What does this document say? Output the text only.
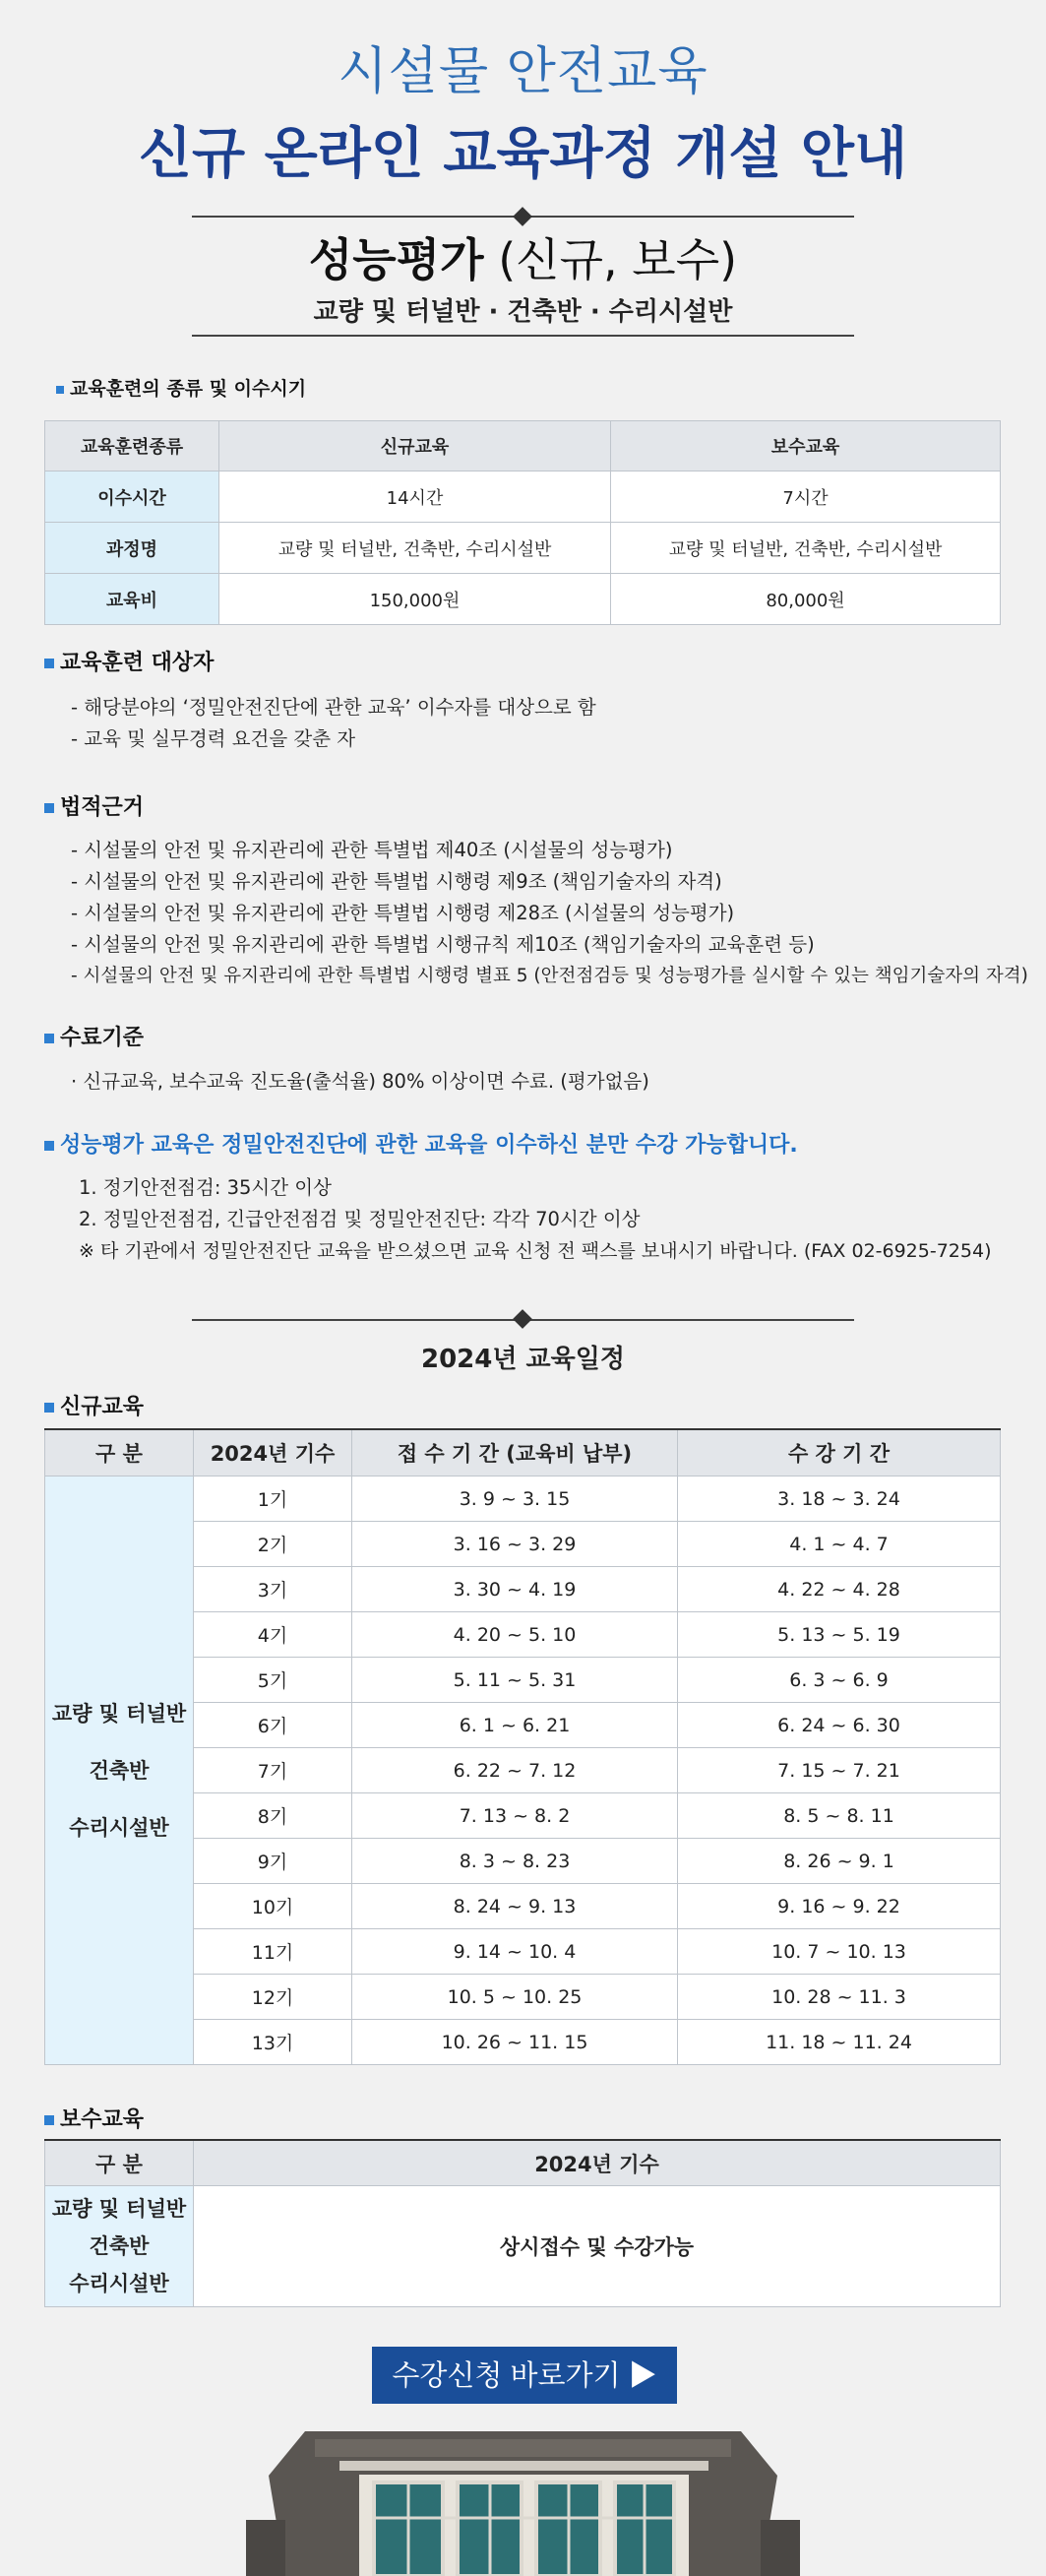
시설물 안전교육
신규 온라인 교육과정 개설 안내
성능평가 (신규, 보수)
교량 및 터널반 · 건축반 · 수리시설반
교육훈련의 종류 및 이수시기
교육훈련종류	신규교육	보수교육
이수시간	14시간	7시간
과정명	교량 및 터널반, 건축반, 수리시설반	교량 및 터널반, 건축반, 수리시설반
교육비	150,000원	80,000원
교육훈련 대상자
- 해당분야의 ‘정밀안전진단에 관한 교육’ 이수자를 대상으로 함
- 교육 및 실무경력 요건을 갖춘 자
법적근거
- 시설물의 안전 및 유지관리에 관한 특별법 제40조 (시설물의 성능평가)
- 시설물의 안전 및 유지관리에 관한 특별법 시행령 제9조 (책임기술자의 자격)
- 시설물의 안전 및 유지관리에 관한 특별법 시행령 제28조 (시설물의 성능평가)
- 시설물의 안전 및 유지관리에 관한 특별법 시행규칙 제10조 (책임기술자의 교육훈련 등)
- 시설물의 안전 및 유지관리에 관한 특별법 시행령 별표 5 (안전점검등 및 성능평가를 실시할 수 있는 책임기술자의 자격)
수료기준
· 신규교육, 보수교육 진도율(출석율) 80% 이상이면 수료. (평가없음)
성능평가 교육은 정밀안전진단에 관한 교육을 이수하신 분만 수강 가능합니다.
1. 정기안전점검: 35시간 이상
2. 정밀안전점검, 긴급안전점검 및 정밀안전진단: 각각 70시간 이상
※ 타 기관에서 정밀안전진단 교육을 받으셨으면 교육 신청 전 팩스를 보내시기 바랍니다. (FAX 02-6925-7254)
2024년 교육일정
신규교육
구 분	2024년 기수	접 수 기 간 (교육비 납부)	수 강 기 간

교량 및 터널반
건축반
수리시설반	1기	3. 9 ~ 3. 15	3. 18 ~ 3. 24
	2기	3. 16 ~ 3. 29	4. 1 ~ 4. 7
	3기	3. 30 ~ 4. 19	4. 22 ~ 4. 28
	4기	4. 20 ~ 5. 10	5. 13 ~ 5. 19
	5기	5. 11 ~ 5. 31	6. 3 ~ 6. 9
	6기	6. 1 ~ 6. 21	6. 24 ~ 6. 30
	7기	6. 22 ~ 7. 12	7. 15 ~ 7. 21
	8기	7. 13 ~ 8. 2	8. 5 ~ 8. 11
	9기	8. 3 ~ 8. 23	8. 26 ~ 9. 1
	10기	8. 24 ~ 9. 13	9. 16 ~ 9. 22
	11기	9. 14 ~ 10. 4	10. 7 ~ 10. 13
	12기	10. 5 ~ 10. 25	10. 28 ~ 11. 3
	13기	10. 26 ~ 11. 15	11. 18 ~ 11. 24
보수교육
구 분	2024년 기수

교량 및 터널반
건축반
수리시설반	상시접수 및 수강가능
수강신청 바로가기 ▶
